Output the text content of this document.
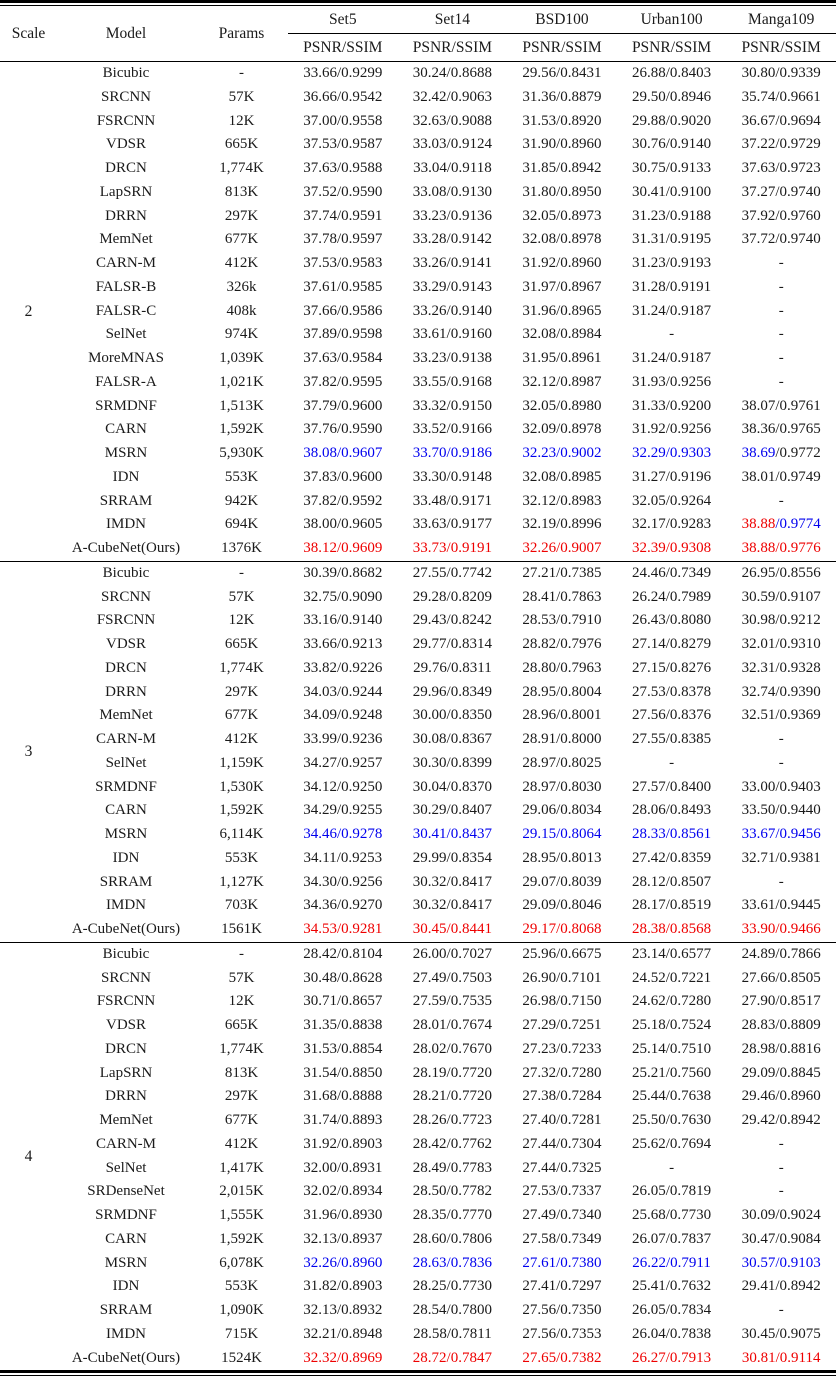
Scale	Model	Params	Set5	Set14	BSD100	Urban100	Manga109
			PSNR/SSIM	PSNR/SSIM	PSNR/SSIM	PSNR/SSIM	PSNR/SSIM
2	Bicubic	-	33.66/0.9299	30.24/0.8688	29.56/0.8431	26.88/0.8403	30.80/0.9339
	SRCNN	57K	36.66/0.9542	32.42/0.9063	31.36/0.8879	29.50/0.8946	35.74/0.9661
	FSRCNN	12K	37.00/0.9558	32.63/0.9088	31.53/0.8920	29.88/0.9020	36.67/0.9694
	VDSR	665K	37.53/0.9587	33.03/0.9124	31.90/0.8960	30.76/0.9140	37.22/0.9729
	DRCN	1,774K	37.63/0.9588	33.04/0.9118	31.85/0.8942	30.75/0.9133	37.63/0.9723
	LapSRN	813K	37.52/0.9590	33.08/0.9130	31.80/0.8950	30.41/0.9100	37.27/0.9740
	DRRN	297K	37.74/0.9591	33.23/0.9136	32.05/0.8973	31.23/0.9188	37.92/0.9760
	MemNet	677K	37.78/0.9597	33.28/0.9142	32.08/0.8978	31.31/0.9195	37.72/0.9740
	CARN-M	412K	37.53/0.9583	33.26/0.9141	31.92/0.8960	31.23/0.9193	-
	FALSR-B	326k	37.61/0.9585	33.29/0.9143	31.97/0.8967	31.28/0.9191	-
	FALSR-C	408k	37.66/0.9586	33.26/0.9140	31.96/0.8965	31.24/0.9187	-
	SelNet	974K	37.89/0.9598	33.61/0.9160	32.08/0.8984	-	-
	MoreMNAS	1,039K	37.63/0.9584	33.23/0.9138	31.95/0.8961	31.24/0.9187	-
	FALSR-A	1,021K	37.82/0.9595	33.55/0.9168	32.12/0.8987	31.93/0.9256	-
	SRMDNF	1,513K	37.79/0.9600	33.32/0.9150	32.05/0.8980	31.33/0.9200	38.07/0.9761
	CARN	1,592K	37.76/0.9590	33.52/0.9166	32.09/0.8978	31.92/0.9256	38.36/0.9765
	MSRN	5,930K	38.08/0.9607	33.70/0.9186	32.23/0.9002	32.29/0.9303	38.69/0.9772
	IDN	553K	37.83/0.9600	33.30/0.9148	32.08/0.8985	31.27/0.9196	38.01/0.9749
	SRRAM	942K	37.82/0.9592	33.48/0.9171	32.12/0.8983	32.05/0.9264	-
	IMDN	694K	38.00/0.9605	33.63/0.9177	32.19/0.8996	32.17/0.9283	38.88/0.9774
	A-CubeNet(Ours)	1376K	38.12/0.9609	33.73/0.9191	32.26/0.9007	32.39/0.9308	38.88/0.9776
3	Bicubic	-	30.39/0.8682	27.55/0.7742	27.21/0.7385	24.46/0.7349	26.95/0.8556
	SRCNN	57K	32.75/0.9090	29.28/0.8209	28.41/0.7863	26.24/0.7989	30.59/0.9107
	FSRCNN	12K	33.16/0.9140	29.43/0.8242	28.53/0.7910	26.43/0.8080	30.98/0.9212
	VDSR	665K	33.66/0.9213	29.77/0.8314	28.82/0.7976	27.14/0.8279	32.01/0.9310
	DRCN	1,774K	33.82/0.9226	29.76/0.8311	28.80/0.7963	27.15/0.8276	32.31/0.9328
	DRRN	297K	34.03/0.9244	29.96/0.8349	28.95/0.8004	27.53/0.8378	32.74/0.9390
	MemNet	677K	34.09/0.9248	30.00/0.8350	28.96/0.8001	27.56/0.8376	32.51/0.9369
	CARN-M	412K	33.99/0.9236	30.08/0.8367	28.91/0.8000	27.55/0.8385	-
	SelNet	1,159K	34.27/0.9257	30.30/0.8399	28.97/0.8025	-	-
	SRMDNF	1,530K	34.12/0.9250	30.04/0.8370	28.97/0.8030	27.57/0.8400	33.00/0.9403
	CARN	1,592K	34.29/0.9255	30.29/0.8407	29.06/0.8034	28.06/0.8493	33.50/0.9440
	MSRN	6,114K	34.46/0.9278	30.41/0.8437	29.15/0.8064	28.33/0.8561	33.67/0.9456
	IDN	553K	34.11/0.9253	29.99/0.8354	28.95/0.8013	27.42/0.8359	32.71/0.9381
	SRRAM	1,127K	34.30/0.9256	30.32/0.8417	29.07/0.8039	28.12/0.8507	-
	IMDN	703K	34.36/0.9270	30.32/0.8417	29.09/0.8046	28.17/0.8519	33.61/0.9445
	A-CubeNet(Ours)	1561K	34.53/0.9281	30.45/0.8441	29.17/0.8068	28.38/0.8568	33.90/0.9466
4	Bicubic	-	28.42/0.8104	26.00/0.7027	25.96/0.6675	23.14/0.6577	24.89/0.7866
	SRCNN	57K	30.48/0.8628	27.49/0.7503	26.90/0.7101	24.52/0.7221	27.66/0.8505
	FSRCNN	12K	30.71/0.8657	27.59/0.7535	26.98/0.7150	24.62/0.7280	27.90/0.8517
	VDSR	665K	31.35/0.8838	28.01/0.7674	27.29/0.7251	25.18/0.7524	28.83/0.8809
	DRCN	1,774K	31.53/0.8854	28.02/0.7670	27.23/0.7233	25.14/0.7510	28.98/0.8816
	LapSRN	813K	31.54/0.8850	28.19/0.7720	27.32/0.7280	25.21/0.7560	29.09/0.8845
	DRRN	297K	31.68/0.8888	28.21/0.7720	27.38/0.7284	25.44/0.7638	29.46/0.8960
	MemNet	677K	31.74/0.8893	28.26/0.7723	27.40/0.7281	25.50/0.7630	29.42/0.8942
	CARN-M	412K	31.92/0.8903	28.42/0.7762	27.44/0.7304	25.62/0.7694	-
	SelNet	1,417K	32.00/0.8931	28.49/0.7783	27.44/0.7325	-	-
	SRDenseNet	2,015K	32.02/0.8934	28.50/0.7782	27.53/0.7337	26.05/0.7819	-
	SRMDNF	1,555K	31.96/0.8930	28.35/0.7770	27.49/0.7340	25.68/0.7730	30.09/0.9024
	CARN	1,592K	32.13/0.8937	28.60/0.7806	27.58/0.7349	26.07/0.7837	30.47/0.9084
	MSRN	6,078K	32.26/0.8960	28.63/0.7836	27.61/0.7380	26.22/0.7911	30.57/0.9103
	IDN	553K	31.82/0.8903	28.25/0.7730	27.41/0.7297	25.41/0.7632	29.41/0.8942
	SRRAM	1,090K	32.13/0.8932	28.54/0.7800	27.56/0.7350	26.05/0.7834	-
	IMDN	715K	32.21/0.8948	28.58/0.7811	27.56/0.7353	26.04/0.7838	30.45/0.9075
	A-CubeNet(Ours)	1524K	32.32/0.8969	28.72/0.7847	27.65/0.7382	26.27/0.7913	30.81/0.9114
